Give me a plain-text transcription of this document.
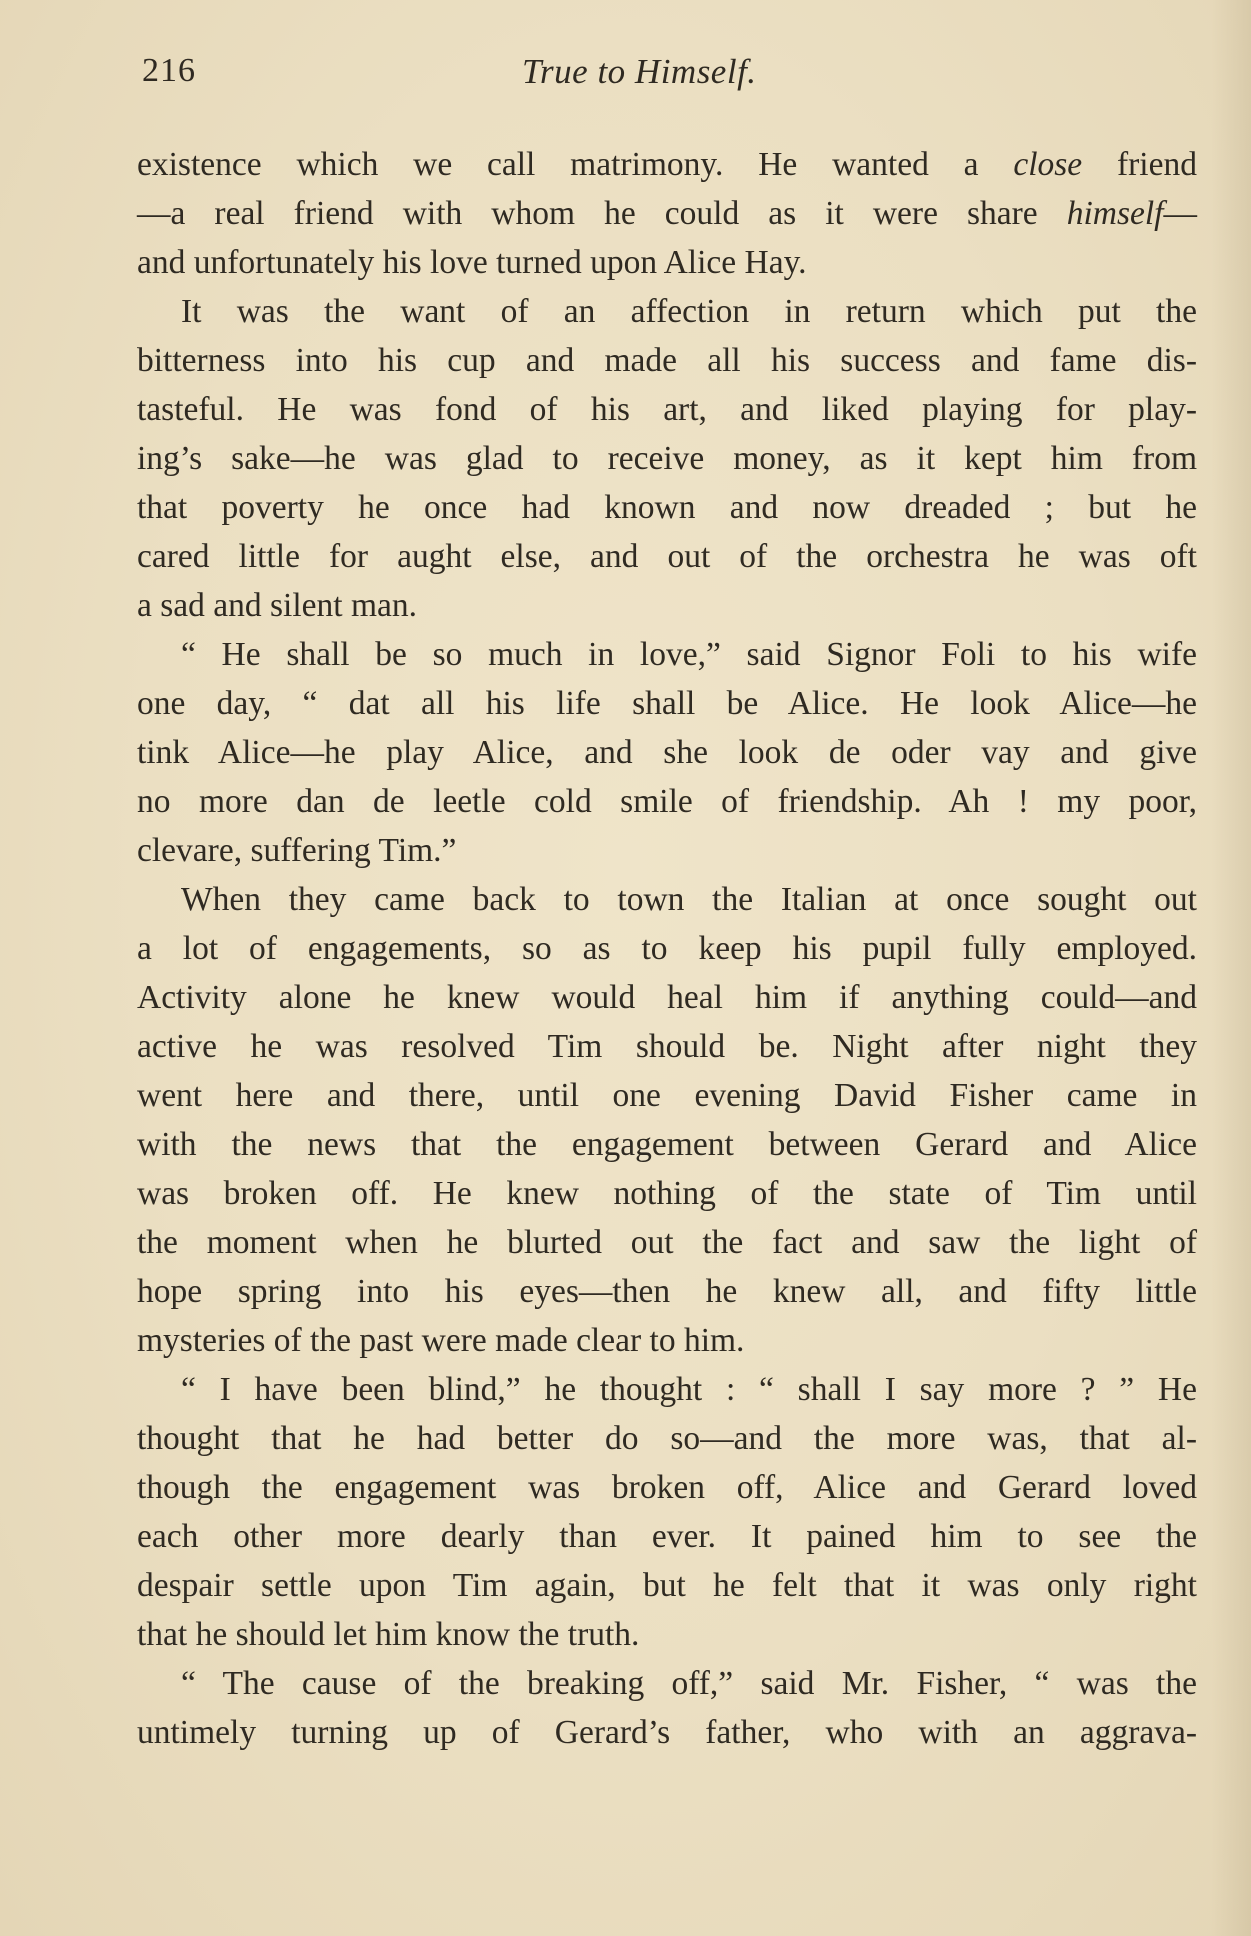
216	True to Himself.
existence which we call matrimony. He wanted a close friend
—a real friend with whom he could as it were share himself—
and unfortunately his love turned upon Alice Hay.
It was the want of an affection in return which put the
bitterness into his cup and made all his success and fame dis-
tasteful. He was fond of his art, and liked playing for play-
ing’s sake—he was glad to receive money, as it kept him from
that poverty he once had known and now dreaded ; but he
cared little for aught else, and out of the orchestra he was oft
a sad and silent man.
“ He shall be so much in love,” said Signor Foli to his wife
one day, “ dat all his life shall be Alice. He look Alice—he
tink Alice—he play Alice, and she look de oder vay and give
no more dan de leetle cold smile of friendship. Ah ! my poor,
clevare, suffering Tim.”
When they came back to town the Italian at once sought out
a lot of engagements, so as to keep his pupil fully employed.
Activity alone he knew would heal him if anything could—and
active he was resolved Tim should be. Night after night they
went here and there, until one evening David Fisher came in
with the news that the engagement between Gerard and Alice
was broken off. He knew nothing of the state of Tim until
the moment when he blurted out the fact and saw the light of
hope spring into his eyes—then he knew all, and fifty little
mysteries of the past were made clear to him.
“ I have been blind,” he thought : “ shall I say more ? ” He
thought that he had better do so—and the more was, that al-
though the engagement was broken off, Alice and Gerard loved
each other more dearly than ever. It pained him to see the
despair settle upon Tim again, but he felt that it was only right
that he should let him know the truth.
“ The cause of the breaking off,” said Mr. Fisher, “ was the
untimely turning up of Gerard’s father, who with an aggrava-
